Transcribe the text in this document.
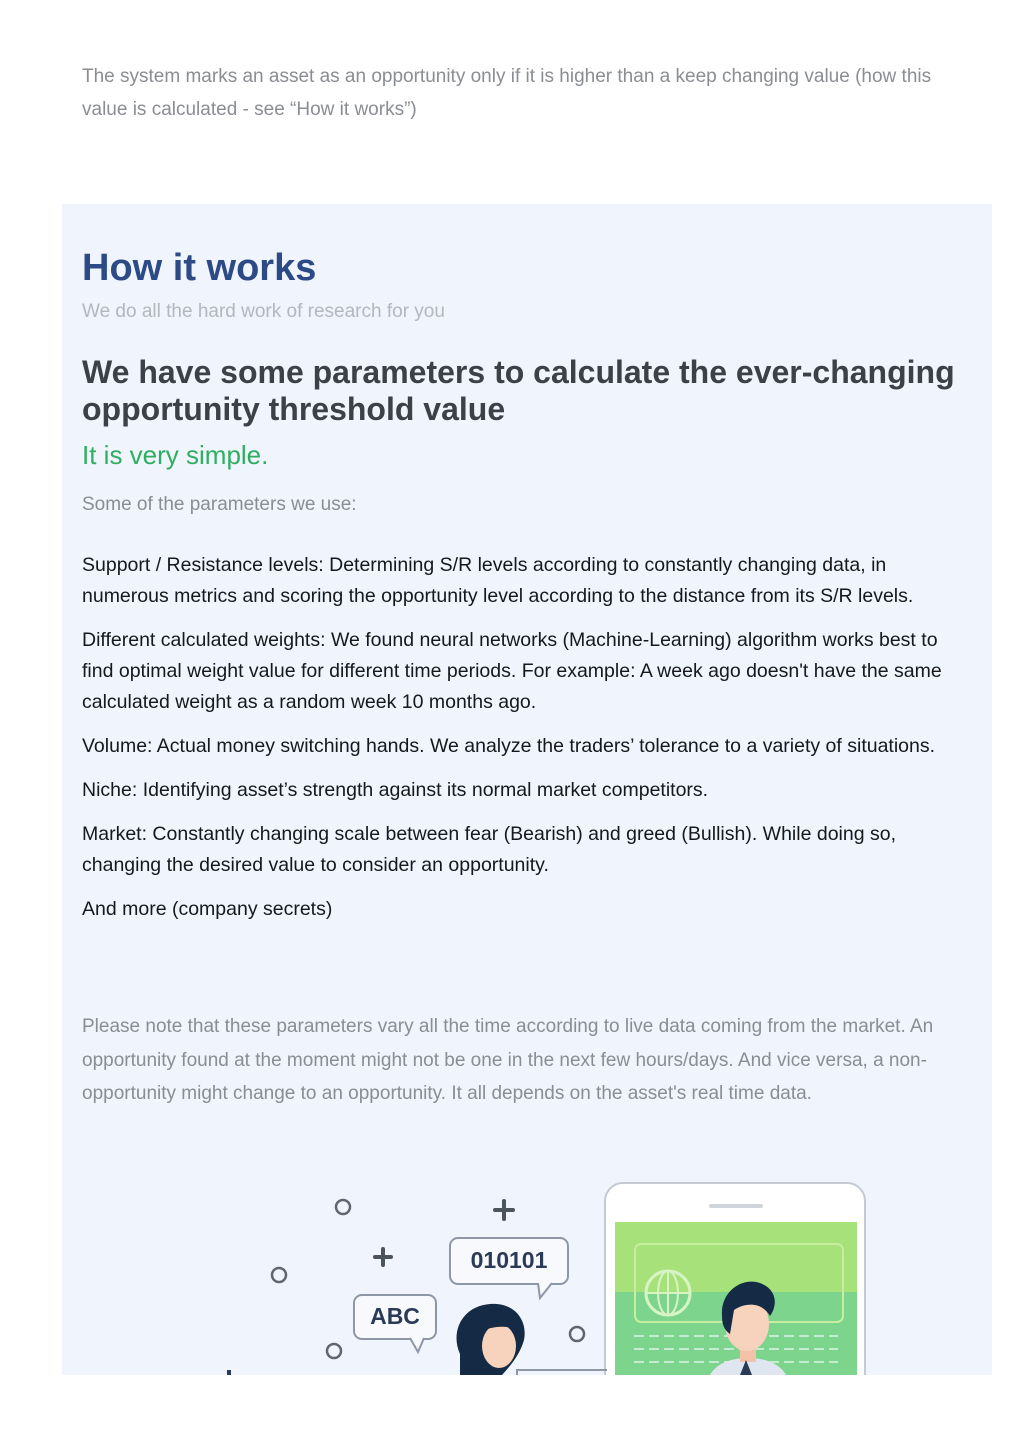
The system marks an asset as an opportunity only if it is higher than a keep changing value (how this value is calculated - see “How it works”)

How it works

We do all the hard work of research for you

We have some parameters to calculate the ever-changing opportunity threshold value

It is very simple.

Some of the parameters we use:

Support / Resistance levels: Determining S/R levels according to constantly changing data, in numerous metrics and scoring the opportunity level according to the distance from its S/R levels.
Different calculated weights: We found neural networks (Machine-Learning) algorithm works best to find optimal weight value for different time periods. For example: A week ago doesn't have the same calculated weight as a random week 10 months ago.
Volume: Actual money switching hands. We analyze the traders’ tolerance to a variety of situations.
Niche: Identifying asset’s strength against its normal market competitors.
Market: Constantly changing scale between fear (Bearish) and greed (Bullish). While doing so, changing the desired value to consider an opportunity.
And more (company secrets)

Please note that these parameters vary all the time according to live data coming from the market. An opportunity found at the moment might not be one in the next few hours/days. And vice versa, a non-opportunity might change to an opportunity. It all depends on the asset's real time data.

010101
ABC
